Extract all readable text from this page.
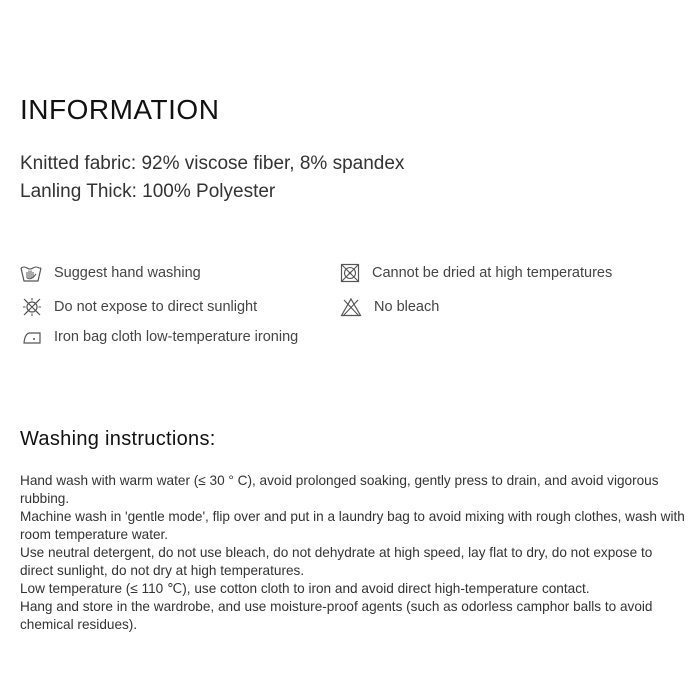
INFORMATION
Knitted fabric: 92% viscose fiber, 8% spandex
Lanling Thick: 100% Polyester
Suggest hand washing
Do not expose to direct sunlight
Iron bag cloth low-temperature ironing
Cannot be dried at high temperatures
No bleach
Washing instructions:

Hand wash with warm water (≤ 30 ° C), avoid prolonged soaking, gently press to drain, and avoid vigorous rubbing.

Machine wash in 'gentle mode', flip over and put in a laundry bag to avoid mixing with rough clothes, wash with room temperature water.

Use neutral detergent, do not use bleach, do not dehydrate at high speed, lay flat to dry, do not expose to direct sunlight, do not dry at high temperatures.

Low temperature (≤ 110 ℃), use cotton cloth to iron and avoid direct high-temperature contact.

Hang and store in the wardrobe, and use moisture-proof agents (such as odorless camphor balls to avoid chemical residues).
